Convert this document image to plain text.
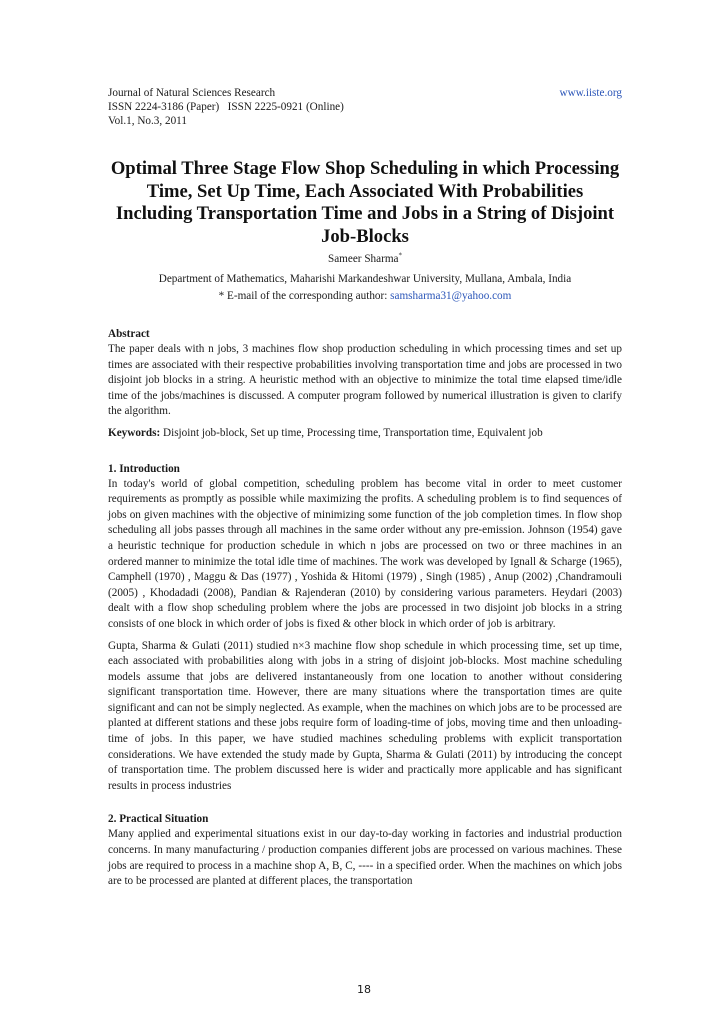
Journal of Natural Sciences Research	www.iiste.org
ISSN 2224-3186 (Paper)   ISSN 2225-0921 (Online)
Vol.1, No.3, 2011
Optimal Three Stage Flow Shop Scheduling in which Processing Time, Set Up Time, Each Associated With Probabilities Including Transportation Time and Jobs in a String of Disjoint Job-Blocks
Sameer Sharma*
Department of Mathematics, Maharishi Markandeshwar University, Mullana, Ambala, India
* E-mail of the corresponding author: samsharma31@yahoo.com
Abstract

The paper deals with n jobs, 3 machines flow shop production scheduling in which processing times and set up times are associated with their respective probabilities involving transportation time and jobs are processed in two disjoint job blocks in a string. A heuristic method with an objective to minimize the total time elapsed time/idle time of the jobs/machines is discussed. A computer program followed by numerical illustration is given to clarify the algorithm.

Keywords: Disjoint job-block, Set up time, Processing time, Transportation time, Equivalent job

1. Introduction

In today's world of global competition, scheduling problem has become vital in order to meet customer requirements as promptly as possible while maximizing the profits. A scheduling problem is to find sequences of jobs on given machines with the objective of minimizing some function of the job completion times. In flow shop scheduling all jobs passes through all machines in the same order without any pre-emission. Johnson (1954) gave a heuristic technique for production schedule in which n jobs are processed on two or three machines in an ordered manner to minimize the total idle time of machines. The work was developed by Ignall & Scharge (1965), Camphell (1970) , Maggu & Das (1977) , Yoshida & Hitomi (1979) , Singh (1985) , Anup (2002) ,Chandramouli (2005) , Khodadadi (2008), Pandian & Rajenderan (2010) by considering various parameters. Heydari (2003) dealt with a flow shop scheduling problem where the jobs are processed in two disjoint job blocks in a string consists of one block in which order of jobs is fixed & other block in which order of job is arbitrary.

Gupta, Sharma & Gulati (2011) studied n×3 machine flow shop schedule in which processing time, set up time, each associated with probabilities along with jobs in a string of disjoint job-blocks. Most machine scheduling models assume that jobs are delivered instantaneously from one location to another without considering significant transportation time. However, there are many situations where the transportation times are quite significant and can not be simply neglected. As example, when the machines on which jobs are to be processed are planted at different stations and these jobs require form of loading-time of jobs, moving time and then unloading-time of jobs. In this paper, we have studied machines scheduling problems with explicit transportation considerations. We have extended the study made by Gupta, Sharma & Gulati (2011) by introducing the concept of transportation time. The problem discussed here is wider and practically more applicable and has significant results in process industries

2. Practical Situation

Many applied and experimental situations exist in our day-to-day working in factories and industrial production concerns. In many manufacturing / production companies different jobs are processed on various machines. These jobs are required to process in a machine shop A, B, C, ---- in a specified order. When the machines on which jobs are to be processed are planted at different places, the transportation

18
